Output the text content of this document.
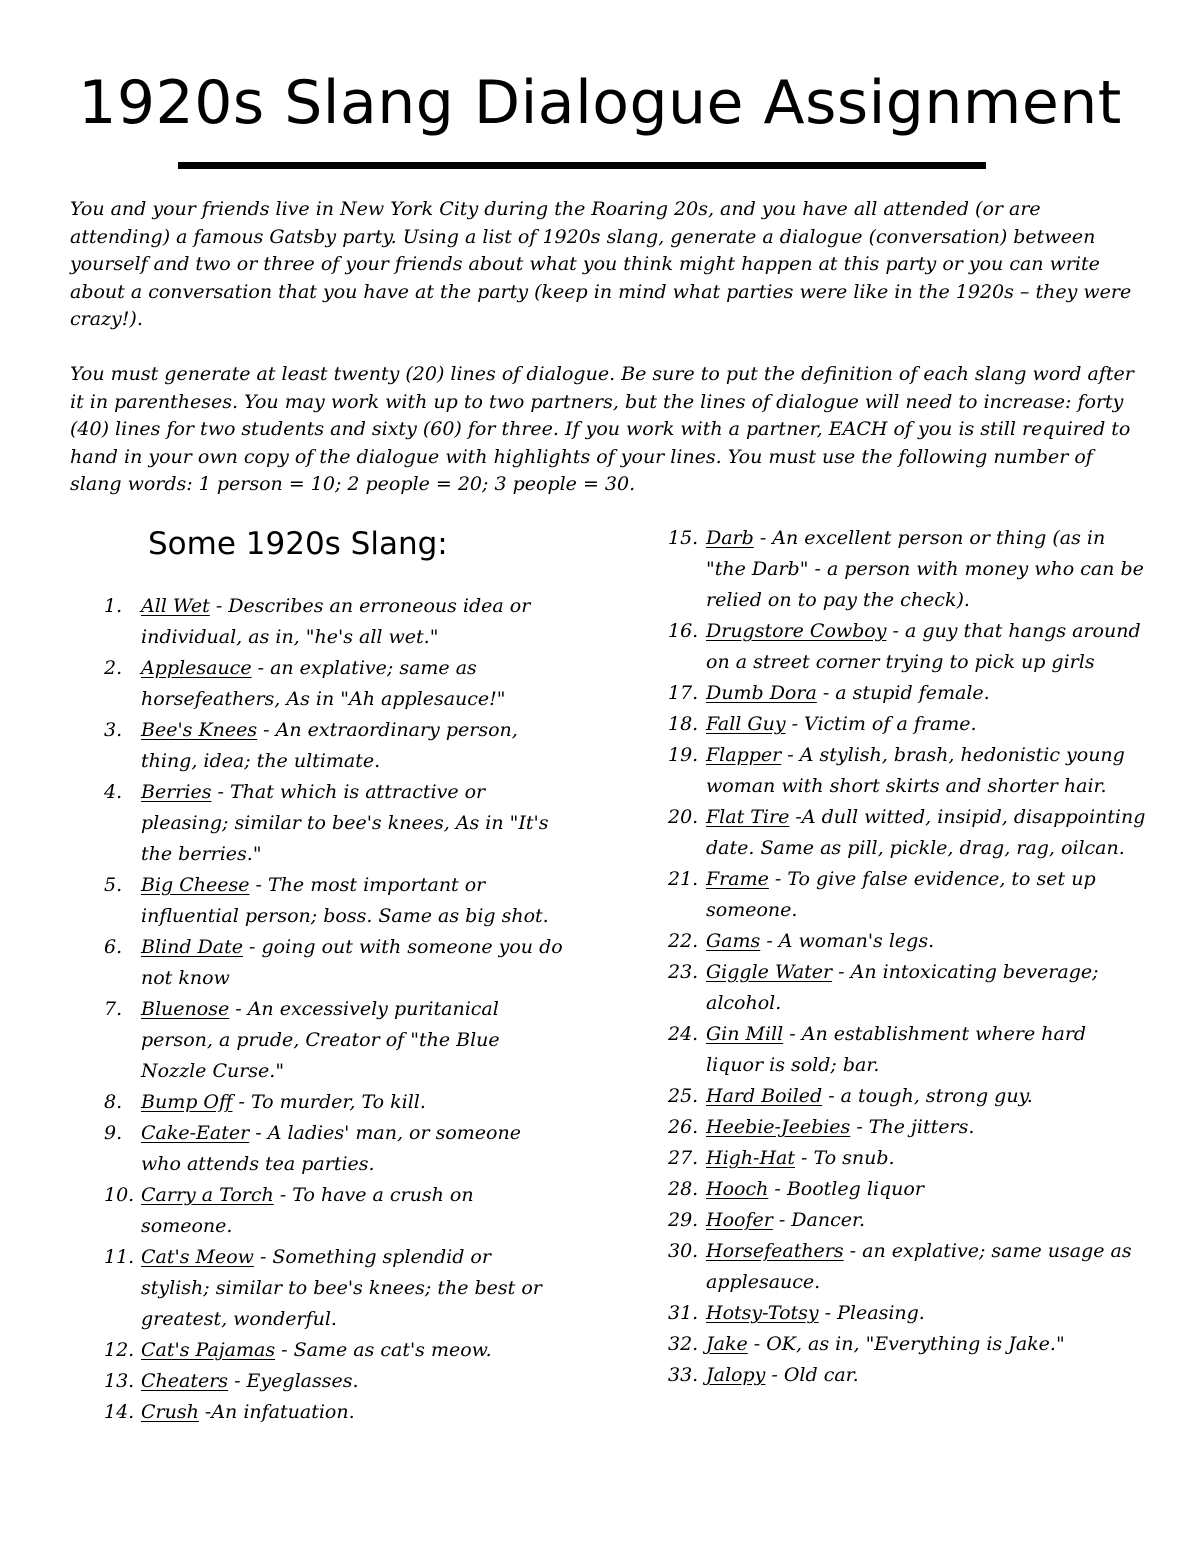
1920s Slang Dialogue Assignment

You and your friends live in New York City during the Roaring 20s, and you have all attended (or are attending) a famous Gatsby party. Using a list of 1920s slang, generate a dialogue (conversation) between yourself and two or three of your friends about what you think might happen at this party or you can write about a conversation that you have at the party (keep in mind what parties were like in the 1920s – they were crazy!).

You must generate at least twenty (20) lines of dialogue. Be sure to put the definition of each slang word after it in parentheses. You may work with up to two partners, but the lines of dialogue will need to increase: forty (40) lines for two students and sixty (60) for three. If you work with a partner, EACH of you is still required to hand in your own copy of the dialogue with highlights of your lines. You must use the following number of slang words: 1 person = 10; 2 people = 20; 3 people = 30.

Some 1920s Slang:
1. All Wet - Describes an erroneous idea or individual, as in, "he's all wet."
2. Applesauce - an explative; same as horsefeathers, As in "Ah applesauce!"
3. Bee's Knees - An extraordinary person, thing, idea; the ultimate.
4. Berries - That which is attractive or pleasing; similar to bee's knees, As in "It's the berries."
5. Big Cheese - The most important or influential person; boss. Same as big shot.
6. Blind Date - going out with someone you do not know
7. Bluenose - An excessively puritanical person, a prude, Creator of "the Blue Nozzle Curse."
8. Bump Off - To murder, To kill.
9. Cake-Eater - A ladies' man, or someone who attends tea parties.
10. Carry a Torch - To have a crush on someone.
11. Cat's Meow - Something splendid or stylish; similar to bee's knees; the best or greatest, wonderful.
12. Cat's Pajamas - Same as cat's meow.
13. Cheaters - Eyeglasses.
14. Crush -An infatuation.
15. Darb - An excellent person or thing (as in "the Darb" - a person with money who can be relied on to pay the check).
16. Drugstore Cowboy - a guy that hangs around on a street corner trying to pick up girls
17. Dumb Dora - a stupid female.
18. Fall Guy - Victim of a frame.
19. Flapper - A stylish, brash, hedonistic young woman with short skirts and shorter hair.
20. Flat Tire -A dull witted, insipid, disappointing date. Same as pill, pickle, drag, rag, oilcan.
21. Frame - To give false evidence, to set up someone.
22. Gams - A woman's legs.
23. Giggle Water - An intoxicating beverage; alcohol.
24. Gin Mill - An establishment where hard liquor is sold; bar.
25. Hard Boiled - a tough, strong guy.
26. Heebie-Jeebies - The jitters.
27. High-Hat - To snub.
28. Hooch - Bootleg liquor
29. Hoofer - Dancer.
30. Horsefeathers - an explative; same usage as applesauce.
31. Hotsy-Totsy - Pleasing.
32. Jake - OK, as in, "Everything is Jake."
33. Jalopy - Old car.
